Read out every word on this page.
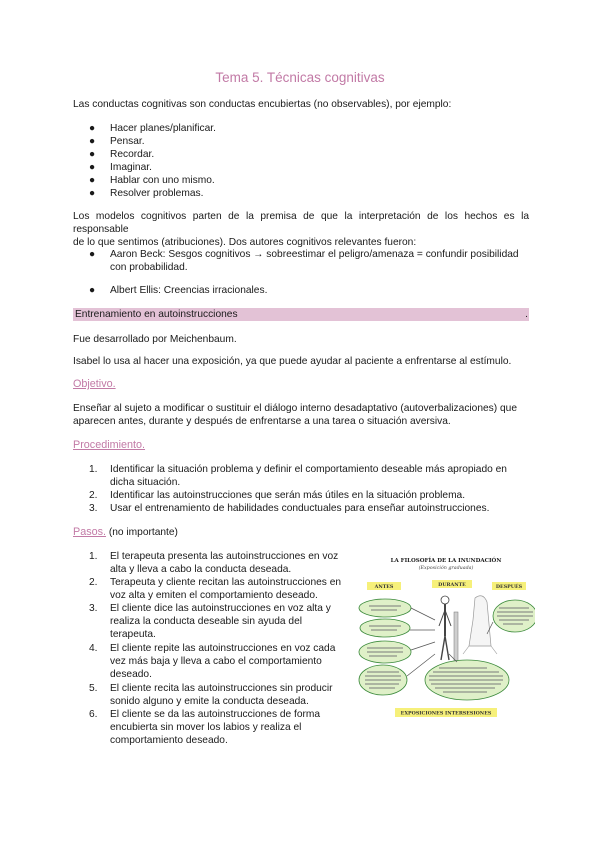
Tema 5. Técnicas cognitivas
Las conductas cognitivas son conductas encubiertas (no observables), por ejemplo:
● Hacer planes/planificar.
● Pensar.
● Recordar.
● Imaginar.
● Hablar con uno mismo.
● Resolver problemas.
Los modelos cognitivos parten de la premisa de que la interpretación de los hechos es la responsable
de lo que sentimos (atribuciones). Dos autores cognitivos relevantes fueron:
● Aaron Beck: Sesgos cognitivos → sobreestimar el peligro/amenaza = confundir posibilidad
con probabilidad.
● Albert Ellis: Creencias irracionales.
Entrenamiento en autoinstrucciones	.
Fue desarrollado por Meichenbaum.
Isabel lo usa al hacer una exposición, ya que puede ayudar al paciente a enfrentarse al estímulo.
Objetivo.
Enseñar al sujeto a modificar o sustituir el diálogo interno desadaptativo (autoverbalizaciones) que
aparecen antes, durante y después de enfrentarse a una tarea o situación aversiva.
Procedimiento.
1. Identificar la situación problema y definir el comportamiento deseable más apropiado en
dicha situación.
2. Identificar las autoinstrucciones que serán más útiles en la situación problema.
3. Usar el entrenamiento de habilidades conductuales para enseñar autoinstrucciones.
Pasos. (no importante)
1. El terapeuta presenta las autoinstrucciones en voz
alta y lleva a cabo la conducta deseada.
2. Terapeuta y cliente recitan las autoinstrucciones en
voz alta y emiten el comportamiento deseado.
3. El cliente dice las autoinstrucciones en voz alta y
realiza la conducta deseable sin ayuda del
terapeuta.
4. El cliente repite las autoinstrucciones en voz cada
vez más baja y lleva a cabo el comportamiento
deseado.
5. El cliente recita las autoinstrucciones sin producir
sonido alguno y emite la conducta deseada.
6. El cliente se da las autoinstrucciones de forma
encubierta sin mover los labios y realiza el
comportamiento deseado.
LA FILOSOFÍA DE LA INUNDACIÓN
(Exposición graduada)
ANTES	DURANTE	DESPUÉS
EXPOSICIONES INTERSESIONES
